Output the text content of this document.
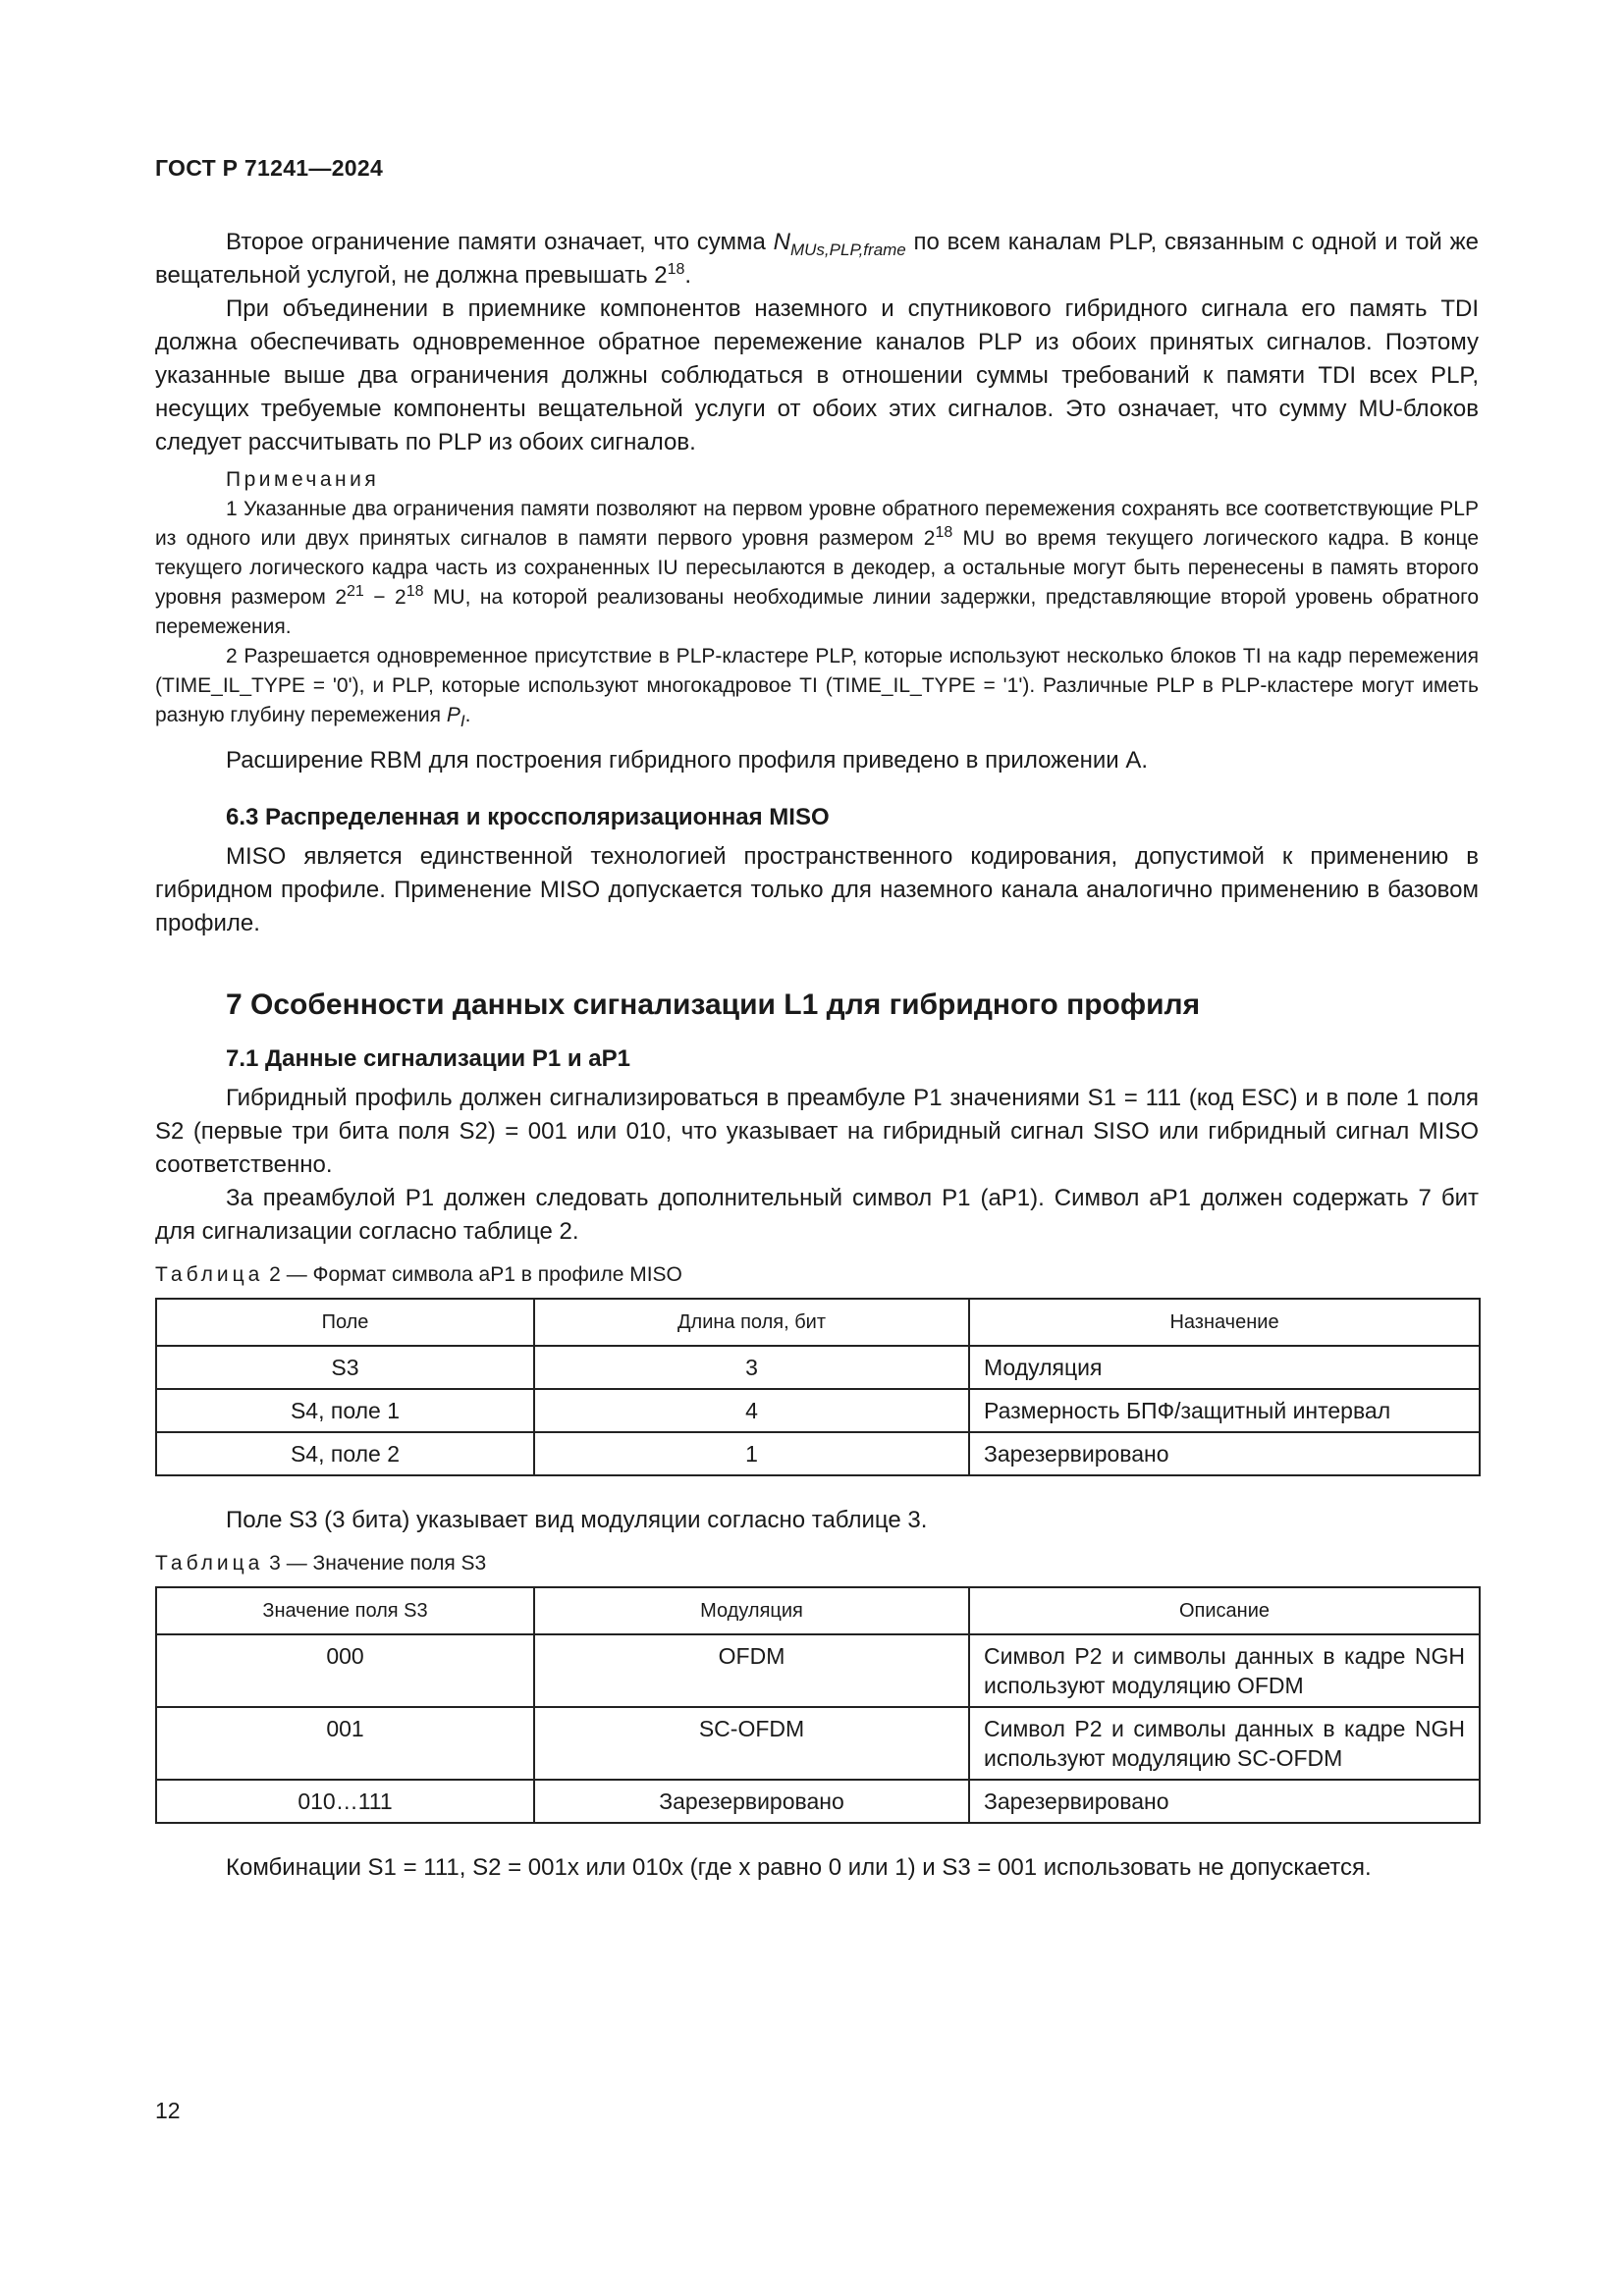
ГОСТ Р 71241—2024

Второе ограничение памяти означает, что сумма $N_{MUs,PLP,frame}$ по всем каналам PLP, связанным с одной и той же вещательной услугой, не должна превышать $2^{18}$.

При объединении в приемнике компонентов наземного и спутникового гибридного сигнала его память TDI должна обеспечивать одновременное обратное перемежение каналов PLP из обоих принятых сигналов. Поэтому указанные выше два ограничения должны соблюдаться в отношении суммы требований к памяти TDI всех PLP, несущих требуемые компоненты вещательной услуги от обоих этих сигналов. Это означает, что сумму MU-блоков следует рассчитывать по PLP из обоих сигналов.

Примечания

1 Указанные два ограничения памяти позволяют на первом уровне обратного перемежения сохранять все соответствующие PLP из одного или двух принятых сигналов в памяти первого уровня размером $2^{18}$ MU во время текущего логического кадра. В конце текущего логического кадра часть из сохраненных IU пересылаются в декодер, а остальные могут быть перенесены в память второго уровня размером $2^{21} - 2^{18}$ MU, на которой реализованы необходимые линии задержки, представляющие второй уровень обратного перемежения.

2 Разрешается одновременное присутствие в PLP-кластере PLP, которые используют несколько блоков TI на кадр перемежения (TIME_IL_TYPE = '0'), и PLP, которые используют многокадровое TI (TIME_IL_TYPE = '1'). Различные PLP в PLP-кластере могут иметь разную глубину перемежения $P_I$.

Расширение RBM для построения гибридного профиля приведено в приложении А.

6.3 Распределенная и кроссполяризационная MISO

MISO является единственной технологией пространственного кодирования, допустимой к применению в гибридном профиле. Применение MISO допускается только для наземного канала аналогично применению в базовом профиле.

7 Особенности данных сигнализации L1 для гибридного профиля
7.1 Данные сигнализации Р1 и аР1

Гибридный профиль должен сигнализироваться в преамбуле Р1 значениями S1 = 111 (код ESC) и в поле 1 поля S2 (первые три бита поля S2) = 001 или 010, что указывает на гибридный сигнал SISO или гибридный сигнал MISO соответственно.

За преамбулой Р1 должен следовать дополнительный символ Р1 (аР1). Символ аР1 должен содержать 7 бит для сигнализации согласно таблице 2.

Таблица 2 — Формат символа аР1 в профиле MISO
Поле	Длина поля, бит	Назначение
S3	3	Модуляция
S4, поле 1	4	Размерность БПФ/защитный интервал
S4, поле 2	1	Зарезервировано

Поле S3 (3 бита) указывает вид модуляции согласно таблице 3.

Таблица 3 — Значение поля S3
Значение поля S3	Модуляция	Описание
000	OFDM	Символ Р2 и символы данных в кадре NGH используют модуляцию OFDM
001	SC-OFDM	Символ Р2 и символы данных в кадре NGH используют модуляцию SC-OFDM
010…111	Зарезервировано	Зарезервировано

Комбинации S1 = 111, S2 = 001х или 010х (где х равно 0 или 1) и S3 = 001 использовать не допускается.

12
